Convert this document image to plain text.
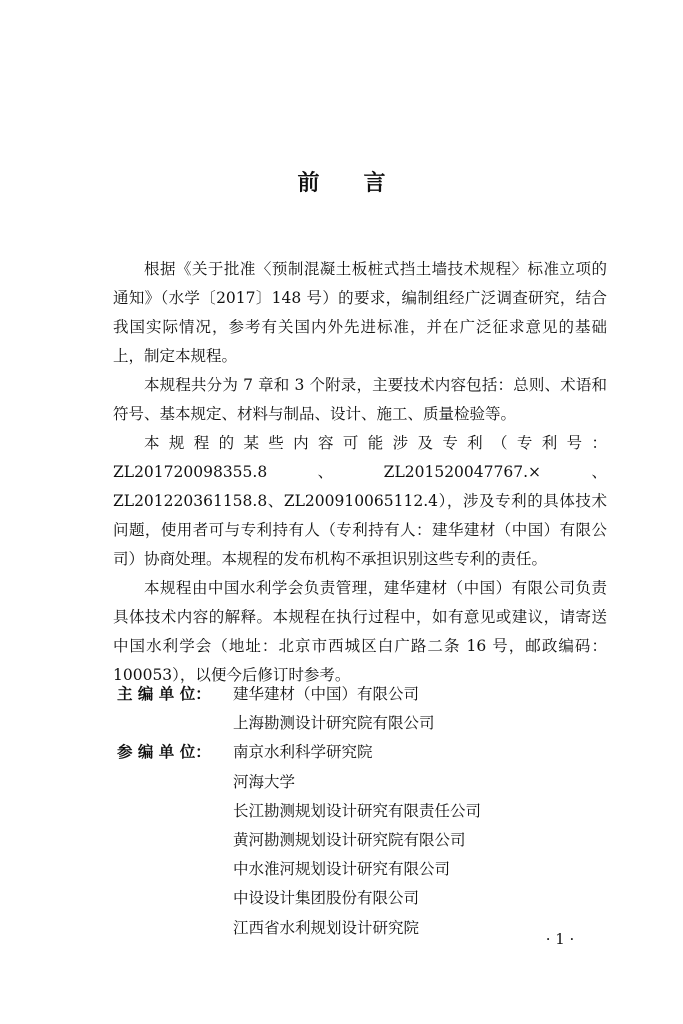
前 言

根据《关于批准〈预制混凝土板桩式挡土墙技术规程〉标准立项的通知》（水学〔2017〕148 号）的要求，编制组经广泛调查研究，结合我国实际情况，参考有关国内外先进标准，并在广泛征求意见的基础上，制定本规程。

本规程共分为 7 章和 3 个附录，主要技术内容包括：总则、术语和符号、基本规定、材料与制品、设计、施工、质量检验等。

本规程的某些内容可能涉及专利（专利号：ZL201720098355.8、ZL201520047767.×、ZL201220361158.8、ZL200910065112.4），涉及专利的具体技术问题，使用者可与专利持有人（专利持有人：建华建材（中国）有限公司）协商处理。本规程的发布机构不承担识别这些专利的责任。

本规程由中国水利学会负责管理，建华建材（中国）有限公司负责具体技术内容的解释。本规程在执行过程中，如有意见或建议，请寄送中国水利学会（地址：北京市西城区白广路二条 16 号，邮政编码：100053），以便今后修订时参考。

主 编 单 位：	建华建材（中国）有限公司
上海勘测设计研究院有限公司
参 编 单 位：	南京水利科学研究院
河海大学
长江勘测规划设计研究有限责任公司
黄河勘测规划设计研究院有限公司
中水淮河规划设计研究有限公司
中设设计集团股份有限公司
江西省水利规划设计研究院
· 1 ·
